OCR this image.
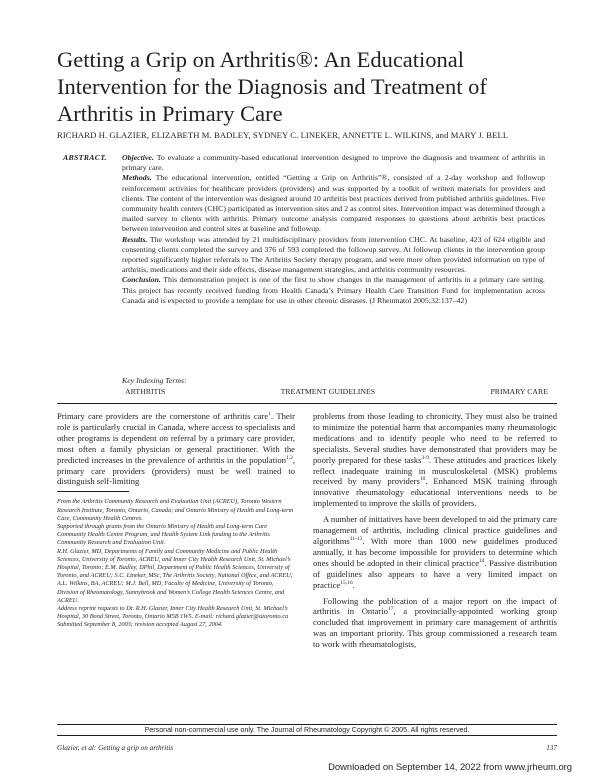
Getting a Grip on Arthritis®: An Educational

Intervention for the Diagnosis and Treatment of

Arthritis in Primary Care

RICHARD H. GLAZIER, ELIZABETH M. BADLEY, SYDNEY C. LINEKER, ANNETTE L. WILKINS, and MARY J. BELL
ABSTRACT. Objective. To evaluate a community-based educational intervention designed to improve the diagnosis and treatment of arthritis in primary care.

Methods. The educational intervention, entitled “Getting a Grip on Arthritis”®, consisted of a 2-day workshop and followup reinforcement activities for healthcare providers (providers) and was supported by a toolkit of written materials for providers and clients. The content of the intervention was designed around 10 arthritis best practices derived from published arthritis guidelines. Five community health centers (CHC) participated as intervention sites and 2 as control sites. Intervention impact was determined through a mailed survey to clients with arthritis. Primary outcome analysis compared responses to questions about arthritis best practices between intervention and control sites at baseline and followup.

Results. The workshop was attended by 21 multidisciplinary providers from intervention CHC. At baseline, 423 of 624 eligible and consenting clients completed the survey and 376 of 593 completed the followup survey. At followup clients in the intervention group reported significantly higher referrals to The Arthritis Society therapy program, and were more often provided information on type of arthritis, medications and their side effects, disease management strategies, and arthritis community resources.

Conclusion. This demonstration project is one of the first to show changes in the management of arthritis in a primary care setting. This project has recently received funding from Health Canada’s Primary Health Care Transition Fund for implementation across Canada and is expected to provide a template for use in other chronic diseases. (J Rheumatol 2005;32:137–42)

Key Indexing Terms:
ARTHRITIS	TREATMENT GUIDELINES	PRIMARY CARE

Primary care providers are the cornerstone of arthritis care$^1$. Their role is particularly crucial in Canada, where access to specialists and other programs is dependent on referral by a primary care provider, most often a family physician or general practitioner. With the predicted increases in the prevalence of arthritis in the population$^{1,2}$, primary care providers (providers) must be well trained to distinguish self-limiting

From the Arthritis Community Research and Evaluation Unit (ACREU), Toronto Western Research Institute, Toronto, Ontario, Canada; and Ontario Ministry of Health and Long-term Care, Community Health Centres.

Supported through grants from the Ontario Ministry of Health and Long-term Care Community Health Centre Program, and Health System Link funding to the Arthritis Community Research and Evaluation Unit.

R.H. Glazier, MD, Departments of Family and Community Medicine and Public Health Sciences, University of Toronto, ACREU, and Inner City Health Research Unit, St. Michael’s Hospital, Toronto; E.M. Badley, DPhil, Department of Public Health Sciences, University of Toronto, and ACREU; S.C. Lineker, MSc, The Arthritis Society, National Office, and ACREU; A.L. Wilkins, BA, ACREU; M.J. Bell, MD, Faculty of Medicine, University of Toronto, Division of Rheumatology, Sunnybrook and Women’s College Health Sciences Centre, and ACREU.

Address reprint requests to Dr. R.H. Glazier, Inner City Health Research Unit, St. Michael’s Hospital, 30 Bond Street, Toronto, Ontario M5B 1W5. E-mail: richard.glazier@utoronto.ca

Submitted September 8, 2003; revision accepted August 27, 2004.

problems from those leading to chronicity. They must also be trained to minimize the potential harm that accompanies many rheumatologic medications and to identify people who need to be referred to specialists. Several studies have demonstrated that providers may be poorly prepared for these tasks$^{3-9}$. These attitudes and practices likely reflect inadequate training in musculoskeletal (MSK) problems received by many providers$^{10}$. Enhanced MSK training through innovative rheumatology educational interventions needs to be implemented to improve the skills of providers.

A number of initiatives have been developed to aid the primary care management of arthritis, including clinical practice guidelines and algorithms$^{11-13}$. With more than 1000 new guidelines produced annually, it has become impossible for providers to determine which ones should be adopted in their clinical practice$^{14}$. Passive distribution of guidelines also appears to have a very limited impact on practice$^{15,16}$.

Following the publication of a major report on the impact of arthritis in Ontario$^{17}$, a provincially-appointed working group concluded that improvement in primary care management of arthritis was an important priority. This group commissioned a research team to work with rheumatologists,

Personal non-commercial use only. The Journal of Rheumatology Copyright © 2005. All rights reserved.
Glazier, et al: Getting a grip on arthritis	137
Downloaded on September 14, 2022 from www.jrheum.org
